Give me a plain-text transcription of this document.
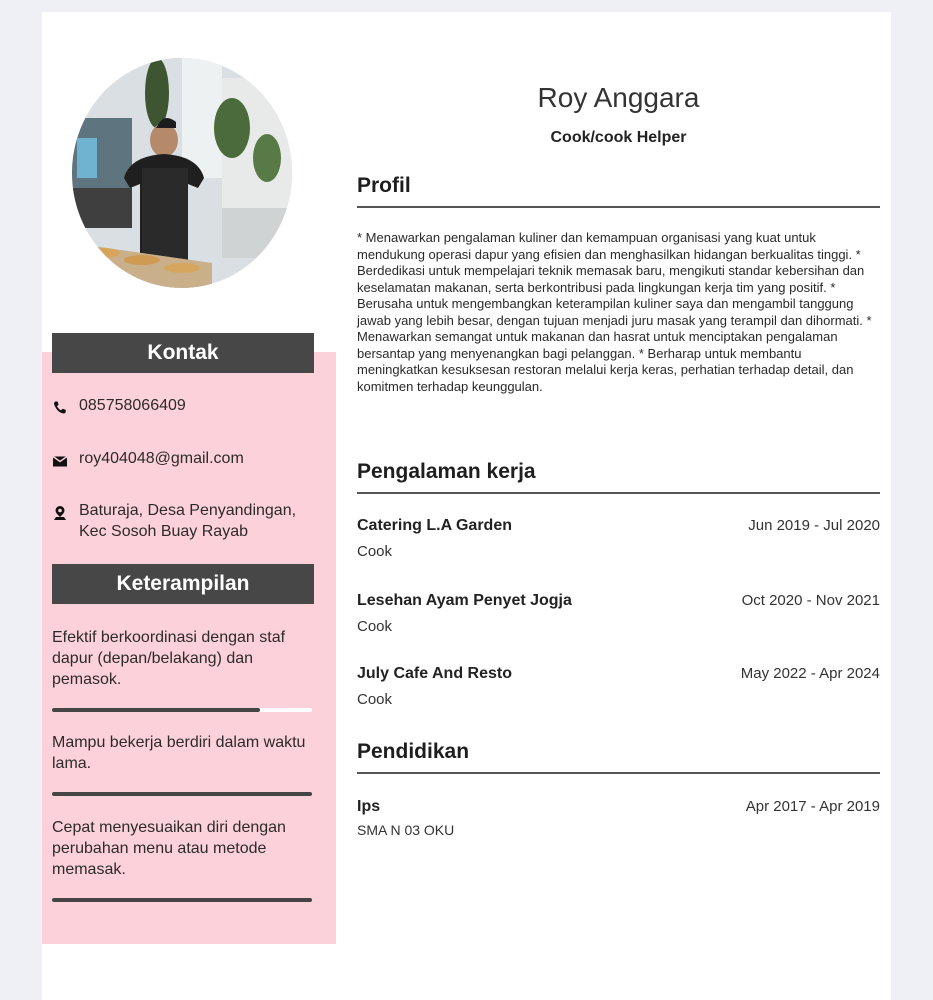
Kontak
085758066409
roy404048@gmail.com
Baturaja, Desa Penyandingan, Kec Sosoh Buay Rayab
Keterampilan
Efektif berkoordinasi dengan staf dapur (depan/belakang) dan pemasok.
Mampu bekerja berdiri dalam waktu lama.
Cepat menyesuaikan diri dengan perubahan menu atau metode memasak.
Roy Anggara
Cook/cook Helper
Profil
* Menawarkan pengalaman kuliner dan kemampuan organisasi yang kuat untuk mendukung operasi dapur yang efisien dan menghasilkan hidangan berkualitas tinggi. * Berdedikasi untuk mempelajari teknik memasak baru, mengikuti standar kebersihan dan keselamatan makanan, serta berkontribusi pada lingkungan kerja tim yang positif. * Berusaha untuk mengembangkan keterampilan kuliner saya dan mengambil tanggung jawab yang lebih besar, dengan tujuan menjadi juru masak yang terampil dan dihormati. * Menawarkan semangat untuk makanan dan hasrat untuk menciptakan pengalaman bersantap yang menyenangkan bagi pelanggan. * Berharap untuk membantu meningkatkan kesuksesan restoran melalui kerja keras, perhatian terhadap detail, dan komitmen terhadap keunggulan.
Pengalaman kerja
Catering L.A Garden	Jun 2019 - Jul 2020
Cook
Lesehan Ayam Penyet Jogja	Oct 2020 - Nov 2021
Cook
July Cafe And Resto	May 2022 - Apr 2024
Cook
Pendidikan
Ips	Apr 2017 - Apr 2019
SMA N 03 OKU
